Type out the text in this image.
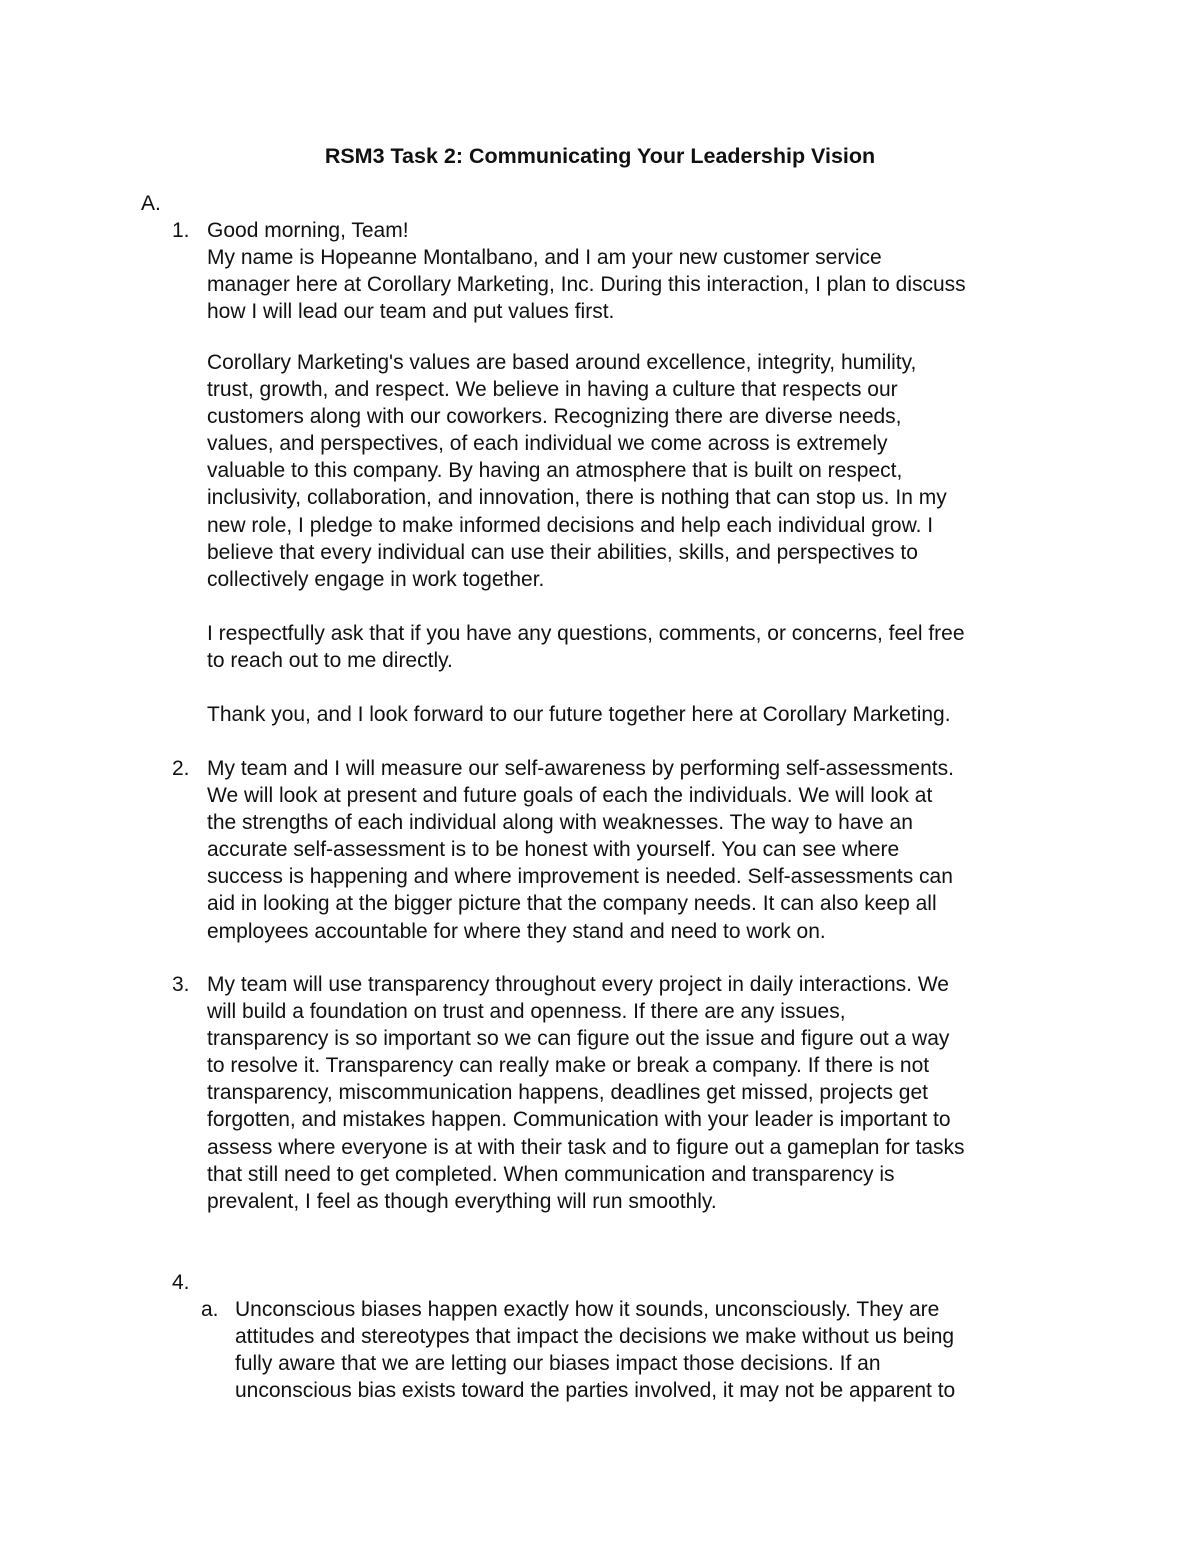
RSM3 Task 2: Communicating Your Leadership Vision
A.
1. Good morning, Team!
My name is Hopeanne Montalbano, and I am your new customer service
manager here at Corollary Marketing, Inc. During this interaction, I plan to discuss
how I will lead our team and put values first.
Corollary Marketing's values are based around excellence, integrity, humility,
trust, growth, and respect. We believe in having a culture that respects our
customers along with our coworkers. Recognizing there are diverse needs,
values, and perspectives, of each individual we come across is extremely
valuable to this company. By having an atmosphere that is built on respect,
inclusivity, collaboration, and innovation, there is nothing that can stop us. In my
new role, I pledge to make informed decisions and help each individual grow. I
believe that every individual can use their abilities, skills, and perspectives to
collectively engage in work together.
I respectfully ask that if you have any questions, comments, or concerns, feel free
to reach out to me directly.
Thank you, and I look forward to our future together here at Corollary Marketing.
2. My team and I will measure our self-awareness by performing self-assessments.
We will look at present and future goals of each the individuals. We will look at
the strengths of each individual along with weaknesses. The way to have an
accurate self-assessment is to be honest with yourself. You can see where
success is happening and where improvement is needed. Self-assessments can
aid in looking at the bigger picture that the company needs. It can also keep all
employees accountable for where they stand and need to work on.
3. My team will use transparency throughout every project in daily interactions. We
will build a foundation on trust and openness. If there are any issues,
transparency is so important so we can figure out the issue and figure out a way
to resolve it. Transparency can really make or break a company. If there is not
transparency, miscommunication happens, deadlines get missed, projects get
forgotten, and mistakes happen. Communication with your leader is important to
assess where everyone is at with their task and to figure out a gameplan for tasks
that still need to get completed. When communication and transparency is
prevalent, I feel as though everything will run smoothly.
4.
a. Unconscious biases happen exactly how it sounds, unconsciously. They are
attitudes and stereotypes that impact the decisions we make without us being
fully aware that we are letting our biases impact those decisions. If an
unconscious bias exists toward the parties involved, it may not be apparent to
